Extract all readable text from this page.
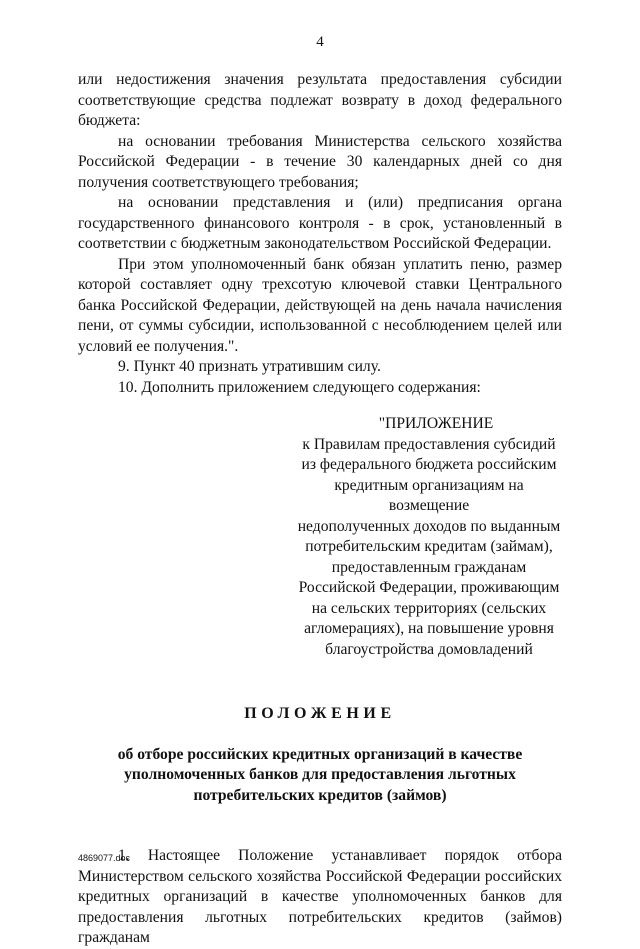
4

или недостижения значения результата предоставления субсидии соответствующие средства подлежат возврату в доход федерального бюджета:

на основании требования Министерства сельского хозяйства Российской Федерации - в течение 30 календарных дней со дня получения соответствующего требования;

на основании представления и (или) предписания органа государственного финансового контроля - в срок, установленный в соответствии с бюджетным законодательством Российской Федерации.

При этом уполномоченный банк обязан уплатить пеню, размер которой составляет одну трехсотую ключевой ставки Центрального банка Российской Федерации, действующей на день начала начисления пени, от суммы субсидии, использованной с несоблюдением целей или условий ее получения.".

9. Пункт 40 признать утратившим силу.

10. Дополнить приложением следующего содержания:

"ПРИЛОЖЕНИЕ
к Правилам предоставления субсидий
из федерального бюджета российским
кредитным организациям на возмещение
недополученных доходов по выданным
потребительским кредитам (займам),
предоставленным гражданам
Российской Федерации, проживающим
на сельских территориях (сельских
агломерациях), на повышение уровня
благоустройства домовладений
ПОЛОЖЕНИЕ
об отборе российских кредитных организаций в качестве
уполномоченных банков для предоставления льготных
потребительских кредитов (займов)

1. Настоящее Положение устанавливает порядок отбора Министерством сельского хозяйства Российской Федерации российских кредитных организаций в качестве уполномоченных банков для предоставления льготных потребительских кредитов (займов) гражданам

4869077.doc
